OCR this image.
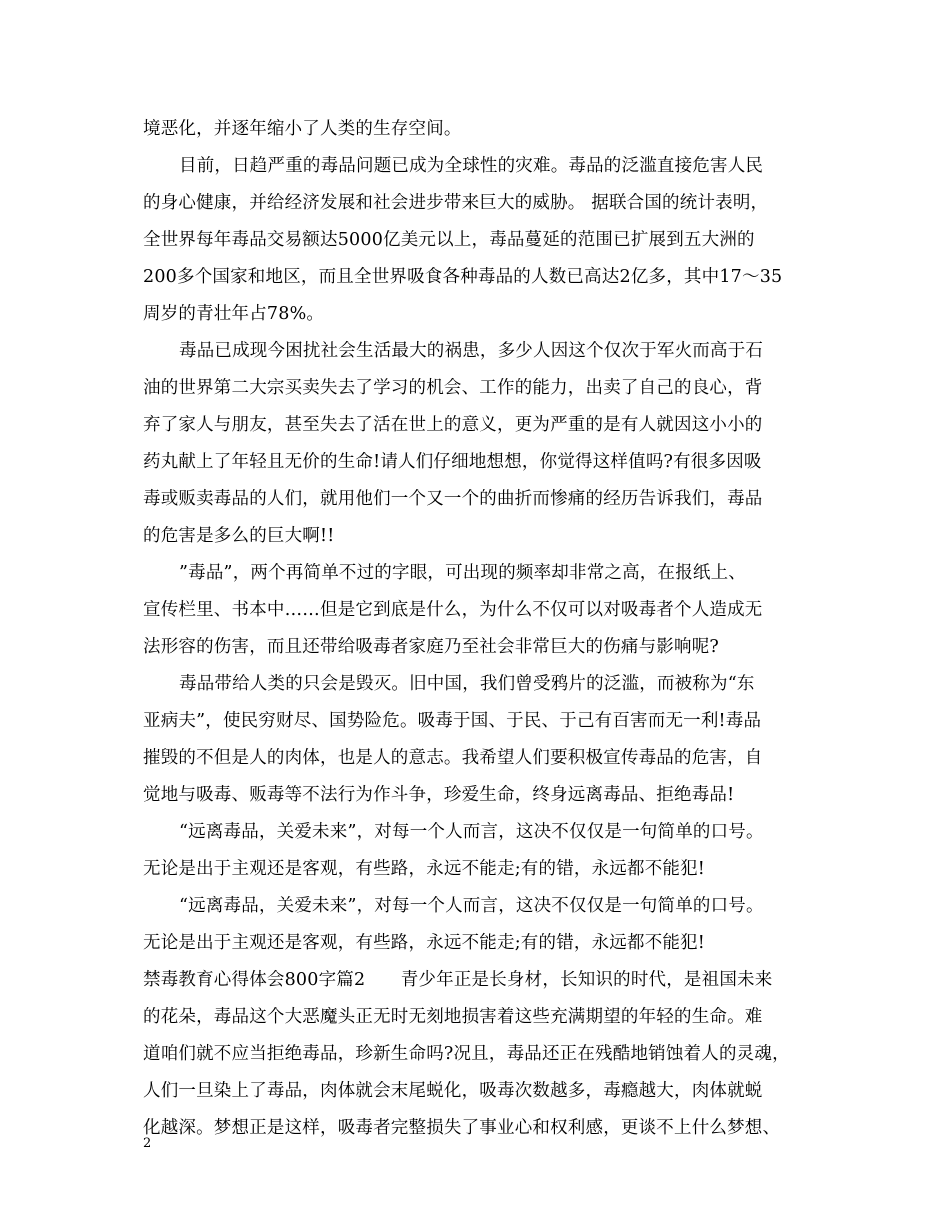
境恶化，并逐年缩小了人类的生存空间。
目前，日趋严重的毒品问题已成为全球性的灾难。毒品的泛滥直接危害人民
的身心健康，并给经济发展和社会进步带来巨大的威胁。 据联合国的统计表明，
全世界每年毒品交易额达5000亿美元以上，毒品蔓延的范围已扩展到五大洲的
200多个国家和地区，而且全世界吸食各种毒品的人数已高达2亿多，其中17～35
周岁的青壮年占78%。
毒品已成现今困扰社会生活最大的祸患，多少人因这个仅次于军火而高于石
油的世界第二大宗买卖失去了学习的机会、工作的能力，出卖了自己的良心，背
弃了家人与朋友，甚至失去了活在世上的意义，更为严重的是有人就因这小小的
药丸献上了年轻且无价的生命!请人们仔细地想想，你觉得这样值吗?有很多因吸
毒或贩卖毒品的人们，就用他们一个又一个的曲折而惨痛的经历告诉我们，毒品
的危害是多么的巨大啊!!
”毒品”，两个再简单不过的字眼，可出现的频率却非常之高，在报纸上、
宣传栏里、书本中……但是它到底是什么，为什么不仅可以对吸毒者个人造成无
法形容的伤害，而且还带给吸毒者家庭乃至社会非常巨大的伤痛与影响呢?
毒品带给人类的只会是毁灭。旧中国，我们曾受鸦片的泛滥，而被称为“东
亚病夫”，使民穷财尽、国势险危。吸毒于国、于民、于己有百害而无一利!毒品
摧毁的不但是人的肉体，也是人的意志。我希望人们要积极宣传毒品的危害，自
觉地与吸毒、贩毒等不法行为作斗争，珍爱生命，终身远离毒品、拒绝毒品!
“远离毒品，关爱未来”，对每一个人而言，这决不仅仅是一句简单的口号。
无论是出于主观还是客观，有些路，永远不能走;有的错，永远都不能犯!
“远离毒品，关爱未来”，对每一个人而言，这决不仅仅是一句简单的口号。
无论是出于主观还是客观，有些路，永远不能走;有的错，永远都不能犯!
禁毒教育心得体会800字篇2　　青少年正是长身材，长知识的时代，是祖国未来
的花朵，毒品这个大恶魔头正无时无刻地损害着这些充满期望的年轻的生命。难
道咱们就不应当拒绝毒品，珍新生命吗?况且，毒品还正在残酷地销蚀着人的灵魂，
人们一旦染上了毒品，肉体就会末尾蜕化，吸毒次数越多，毒瘾越大，肉体就蜕
化越深。梦想正是这样，吸毒者完整损失了事业心和权利感，更谈不上什么梦想、
2
